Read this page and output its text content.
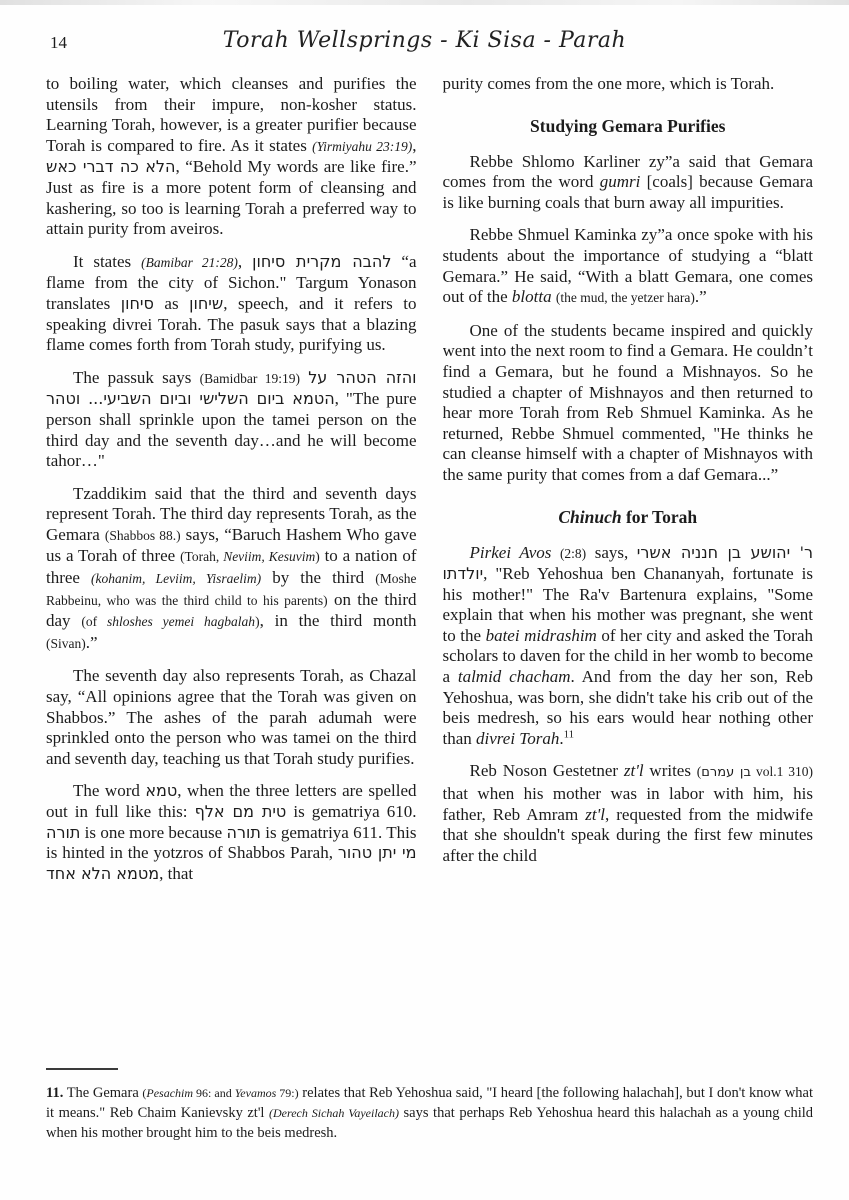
14	Torah Wellsprings - Ki Sisa - Parah
to boiling water, which cleanses and purifies the utensils from their impure, non-kosher status. Learning Torah, however, is a greater purifier because Torah is compared to fire. As it states (Yirmiyahu 23:19), הלא כה דברי כאש, “Behold My words are like fire.” Just as fire is a more potent form of cleansing and kashering, so too is learning Torah a preferred way to attain purity from aveiros.
It states (Bamibar 21:28), להבה מקרית סיחון “a flame from the city of Sichon." Targum Yonason translates סיחון as שיחון, speech, and it refers to speaking divrei Torah. The pasuk says that a blazing flame comes forth from Torah study, purifying us.
The passuk says (Bamidbar 19:19) והזה הטהר על הטמא ביום השלישי וביום השביעי... וטהר, "The pure person shall sprinkle upon the tamei person on the third day and the seventh day…and he will become tahor…"
Tzaddikim said that the third and seventh days represent Torah. The third day represents Torah, as the Gemara (Shabbos 88.) says, “Baruch Hashem Who gave us a Torah of three (Torah, Neviim, Kesuvim) to a nation of three (kohanim, Leviim, Yisraelim) by the third (Moshe Rabbeinu, who was the third child to his parents) on the third day (of shloshes yemei hagbalah), in the third month (Sivan).”
The seventh day also represents Torah, as Chazal say, “All opinions agree that the Torah was given on Shabbos.” The ashes of the parah adumah were sprinkled onto the person who was tamei on the third and seventh day, teaching us that Torah study purifies.
The word טמא, when the three letters are spelled out in full like this: טית מם אלף is gematriya 610. תורה is one more because תורה is gematriya 611. This is hinted in the yotzros of Shabbos Parah, מי יתן טהור מטמא הלא אחד, that
purity comes from the one more, which is Torah.
Studying Gemara Purifies
Rebbe Shlomo Karliner zy”a said that Gemara comes from the word gumri [coals] because Gemara is like burning coals that burn away all impurities.
Rebbe Shmuel Kaminka zy”a once spoke with his students about the importance of studying a “blatt Gemara.” He said, “With a blatt Gemara, one comes out of the blotta (the mud, the yetzer hara).”
One of the students became inspired and quickly went into the next room to find a Gemara. He couldn’t find a Gemara, but he found a Mishnayos. So he studied a chapter of Mishnayos and then returned to hear more Torah from Reb Shmuel Kaminka. As he returned, Rebbe Shmuel commented, "He thinks he can cleanse himself with a chapter of Mishnayos with the same purity that comes from a daf Gemara...”
Chinuch for Torah
Pirkei Avos (2:8) says, ר' יהושע בן חנניה אשרי יולדתו, "Reb Yehoshua ben Chananyah, fortunate is his mother!" The Ra'v Bartenura explains, "Some explain that when his mother was pregnant, she went to the batei midrashim of her city and asked the Torah scholars to daven for the child in her womb to become a talmid chacham. And from the day her son, Reb Yehoshua, was born, she didn't take his crib out of the beis medresh, so his ears would hear nothing other than divrei Torah.$^{11}$
Reb Noson Gestetner zt'l writes (בן עמרם vol.1 310) that when his mother was in labor with him, his father, Reb Amram zt'l, requested from the midwife that she shouldn't speak during the first few minutes after the child
11. The Gemara (Pesachim 96: and Yevamos 79:) relates that Reb Yehoshua said, "I heard [the following halachah], but I don't know what it means." Reb Chaim Kanievsky zt'l (Derech Sichah Vayeilach) says that perhaps Reb Yehoshua heard this halachah as a young child when his mother brought him to the beis medresh.
